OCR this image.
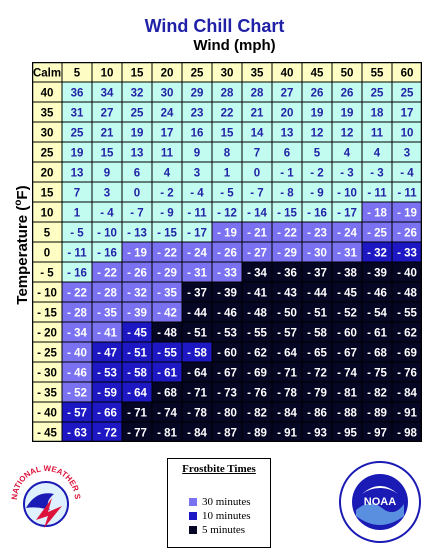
Wind Chill Chart
Wind (mph)
Temperature ($^o$F)
Calm 5 10 15 20 25 30 35 40 45 50 55 60
40 36 34 32 30 29 28 28 27 26 26 25 25
35 31 27 25 24 23 22 21 20 19 19 18 17
30 25 21 19 17 16 15 14 13 12 12 11 10
25 19 15 13 11 9 8 7 6 5 4 4 3
20 13 9 6 4 3 1 0 - 1 - 2 - 3 - 3 - 4
15 7 3 0 - 2 - 4 - 5 - 7 - 8 - 9 - 10 - 11 - 11
10 1 - 4 - 7 - 9 - 11 - 12 - 14 - 15 - 16 - 17 - 18 - 19
5 - 5 - 10 - 13 - 15 - 17 - 19 - 21 - 22 - 23 - 24 - 25 - 26
0 - 11 - 16 - 19 - 22 - 24 - 26 - 27 - 29 - 30 - 31 - 32 - 33
- 5 - 16 - 22 - 26 - 29 - 31 - 33 - 34 - 36 - 37 - 38 - 39 - 40
- 10 - 22 - 28 - 32 - 35 - 37 - 39 - 41 - 43 - 44 - 45 - 46 - 48
- 15 - 28 - 35 - 39 - 42 - 44 - 46 - 48 - 50 - 51 - 52 - 54 - 55
- 20 - 34 - 41 - 45 - 48 - 51 - 53 - 55 - 57 - 58 - 60 - 61 - 62
- 25 - 40 - 47 - 51 - 55 - 58 - 60 - 62 - 64 - 65 - 67 - 68 - 69
- 30 - 46 - 53 - 58 - 61 - 64 - 67 - 69 - 71 - 72 - 74 - 75 - 76
- 35 - 52 - 59 - 64 - 68 - 71 - 73 - 76 - 78 - 79 - 81 - 82 - 84
- 40 - 57 - 66 - 71 - 74 - 78 - 80 - 82 - 84 - 86 - 88 - 89 - 91
- 45 - 63 - 72 - 77 - 81 - 84 - 87 - 89 - 91 - 93 - 95 - 97 - 98
NATIONAL WEATHER S
Frostbite Times
30 minutes
10 minutes
5 minutes
NOAA
